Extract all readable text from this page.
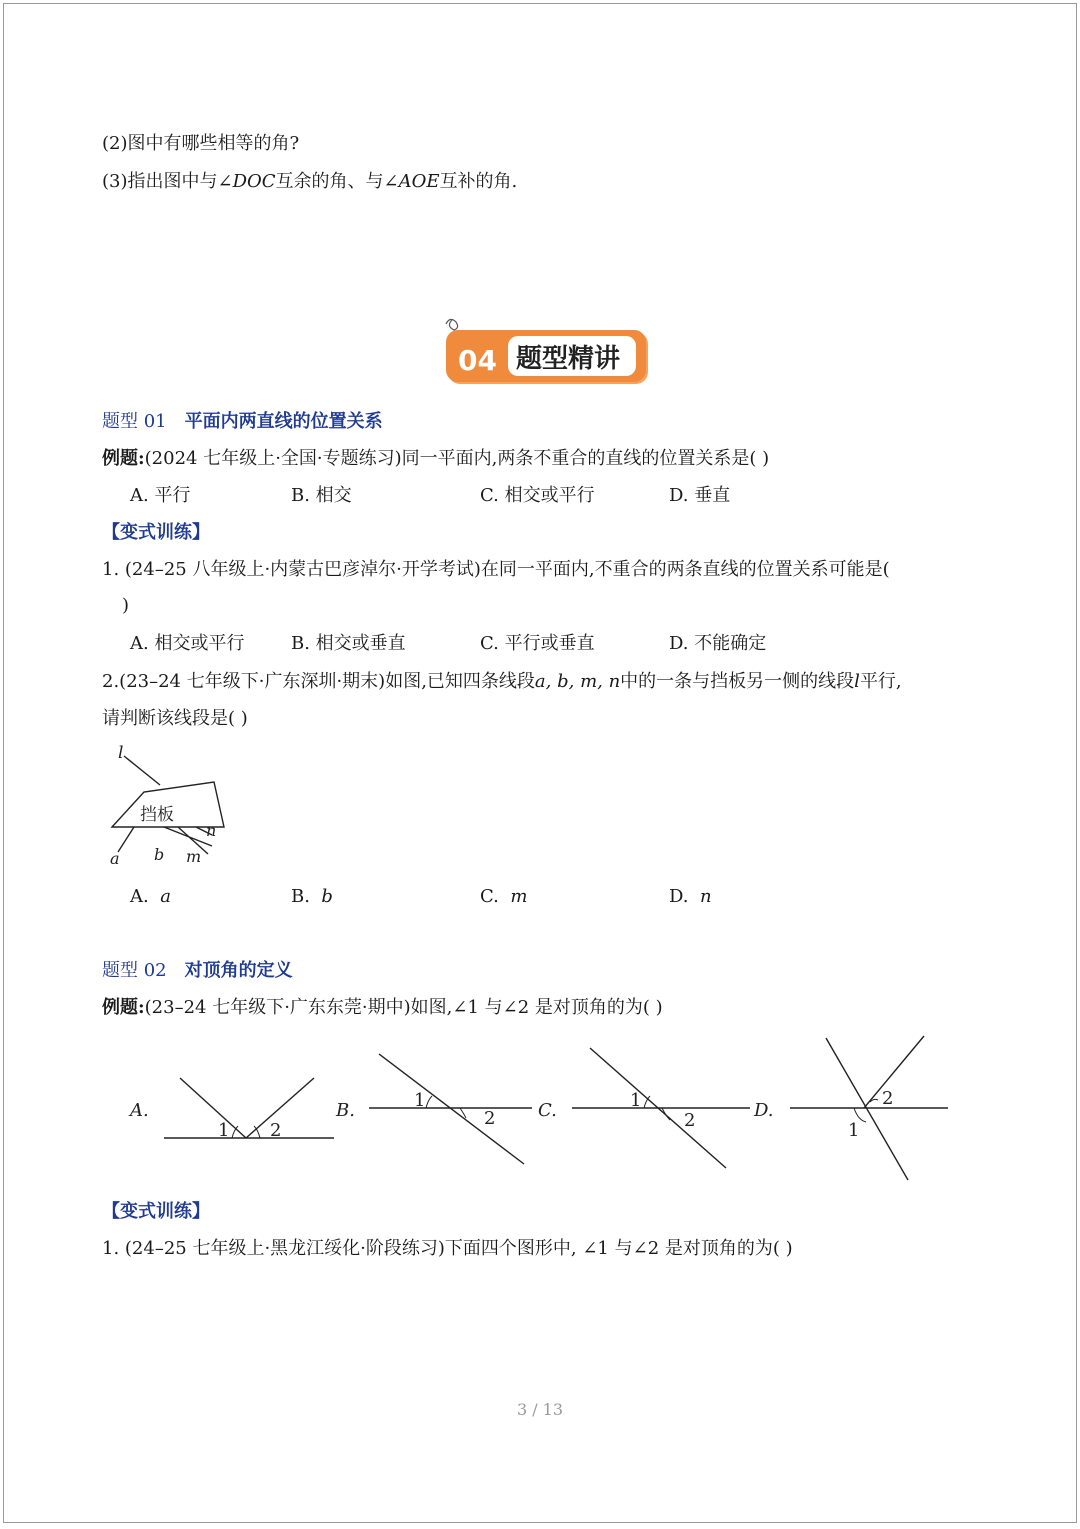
(2)图中有哪些相等的角?
(3)指出图中与∠DOC互余的角、与∠AOE互补的角.
04 题型精讲
题型 01 平面内两直线的位置关系
例题:(2024 七年级上·全国·专题练习)同一平面内,两条不重合的直线的位置关系是( )
A. 平行	B. 相交	C. 相交或平行	D. 垂直
【变式训练】
1. (24–25 八年级上·内蒙古巴彦淖尔·开学考试)在同一平面内,不重合的两条直线的位置关系可能是(
)
A. 相交或平行	B. 相交或垂直	C. 平行或垂直	D. 不能确定
2.(23–24 七年级下·广东深圳·期末)如图,已知四条线段a, b, m, n中的一条与挡板另一侧的线段l平行,
请判断该线段是( )
挡板
l
a b m
n
A. a	B. b	C. m	D. n
题型 02 对顶角的定义
例题:(23–24 七年级下·广东东莞·期中)如图,∠1 与∠2 是对顶角的为( )
A.
1 2
B.	1
2 C.	1
2	D.
1
2
【变式训练】
1. (24–25 七年级上·黑龙江绥化·阶段练习)下面四个图形中, ∠1 与∠2 是对顶角的为( )
3 / 13
